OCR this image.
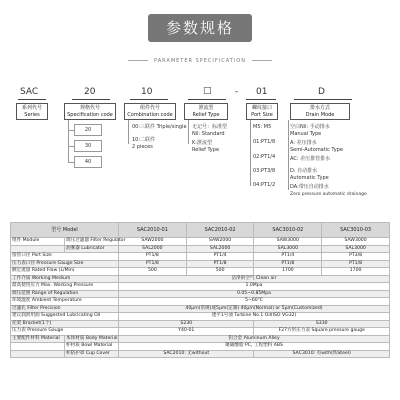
参数规格
PARAMETER SPECIFICATION
SAC	20	10	□	- 01	D
系列代号
Series
规格代号
Specification code
组件代号
Combination code
泄流型
Relief Type
螺纹接口
Port Size
排水方式
Drain Mode
20
30
40
00:三联件 Triple/single
10:二联件
2 pieces
无记号：标准型
Nil: Standard
K:泄流型
Relief Type
M5: M5
01:PT1/8
02:PT1/4
03:PT3/8
04:PT1/2
空白Nil: 手动排水
Manual Type
A: 差压排水
Semi-Automatic Type
AC: 差压排管排水
D: 自动排水
Automatic Type
DA:带压自动排水
Zero pressure automatic drainage
型号 Model		SAC2010-01	SAC2010-02	SAC3010-02	SAC3010-03
组件 Module	调压过滤器 Filter Regulator	SAW2000	SAW2000	SAW3000	SAW3000
	油雾器 Lubricator	SAL2000	SAL2000	SAL3000	SAL3000
接管口径 Port Size		PT1/8	PT1/4	PT1/4	PT3/8
压力表口径 Pressure Gauge Size		PT1/8	PT1/8	PT1/8	PT1/8
额定流量 Rated Flow (L/Min)		500	500	1700	1700
工作介质 Working Medium		洁净的空气 Clean air			
最高使用压力 Max. Working Pressure		1.0Mpa			
调压范围 Range of Regulation		0.05~0.85Mpa			
环境温度 Ambient Temperature		5~60℃			
过滤孔 Filter Precision		40μm(常规)或5μm(定制) 40μm(Normal) or 5μm(Customized)			
建议润滑用油 Suggested Lubricating Oil		透平1号油 Turbine No.1 Oil(ISO VG32)			
托架 Bracket(1个)		S230		S330	
压力表 Pressure Gauge		Y40-01		F27方形压力表 Square pressure gauge	
主要配件材料 Material	本体材质 Body Material	铝合金 Aluminum Alley			
	杯材质 Bowl Material	聚碳酸脂 PC, 工程塑料 ABS			
	杯防护罩 Cup Cover	SAC2010: 无without		SAC3010: 有with(铁Steel)	
